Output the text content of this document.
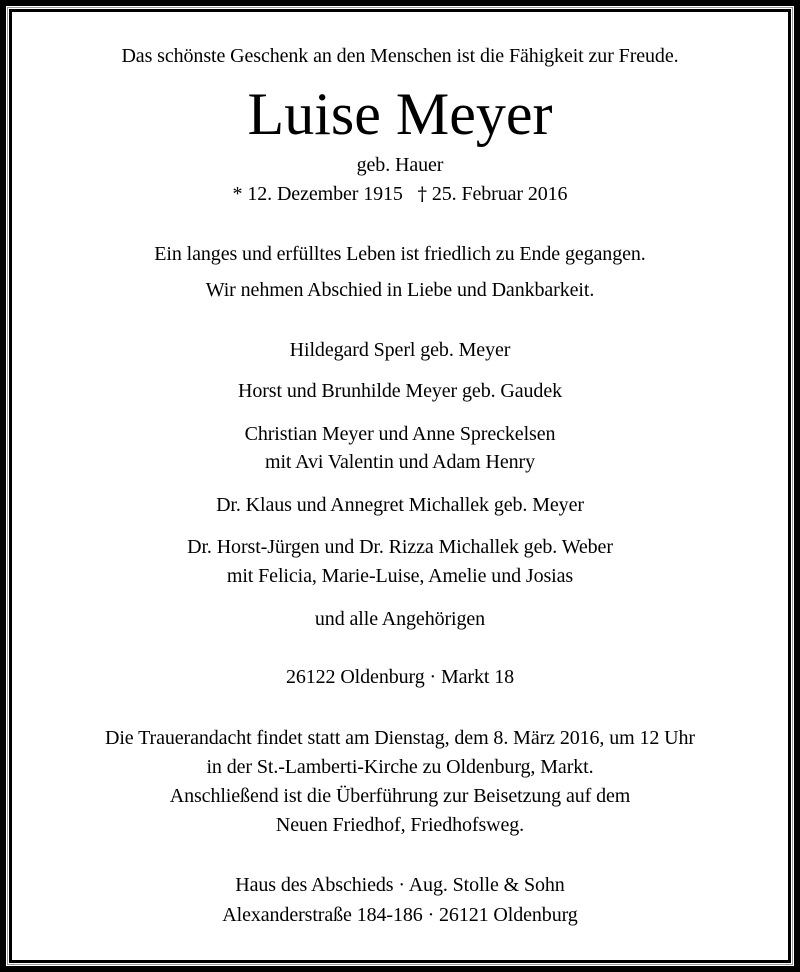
Das schönste Geschenk an den Menschen ist die Fähigkeit zur Freude.
Luise Meyer
geb. Hauer
* 12. Dezember 1915 † 25. Februar 2016
Ein langes und erfülltes Leben ist friedlich zu Ende gegangen.
Wir nehmen Abschied in Liebe und Dankbarkeit.
Hildegard Sperl geb. Meyer
Horst und Brunhilde Meyer geb. Gaudek
Christian Meyer und Anne Spreckelsen
mit Avi Valentin und Adam Henry
Dr. Klaus und Annegret Michallek geb. Meyer
Dr. Horst-Jürgen und Dr. Rizza Michallek geb. Weber
mit Felicia, Marie-Luise, Amelie und Josias
und alle Angehörigen
26122 Oldenburg · Markt 18
Die Trauerandacht findet statt am Dienstag, dem 8. März 2016, um 12 Uhr
in der St.-Lamberti-Kirche zu Oldenburg, Markt.
Anschließend ist die Überführung zur Beisetzung auf dem
Neuen Friedhof, Friedhofsweg.
Haus des Abschieds · Aug. Stolle & Sohn
Alexanderstraße 184-186 · 26121 Oldenburg
